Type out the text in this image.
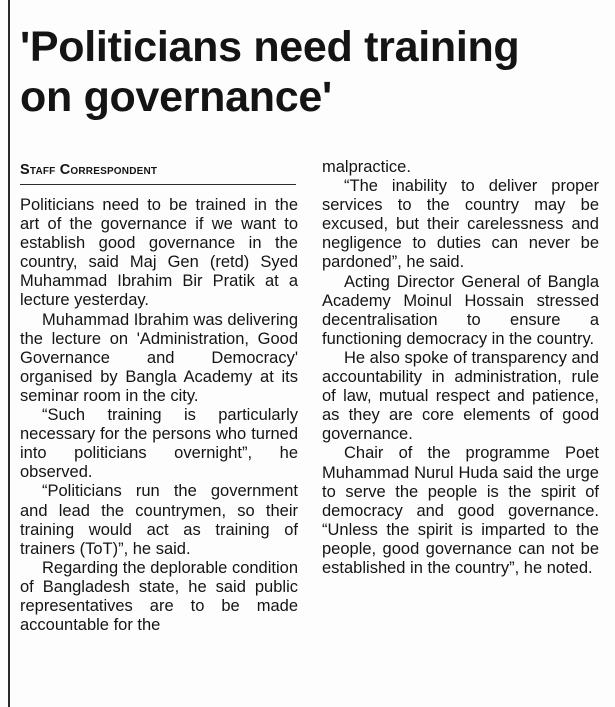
'Politicians need training
on governance'
Staff Correspondent

Politicians need to be trained in the art of the governance if we want to establish good governance in the country, said Maj Gen (retd) Syed Muhammad Ibrahim Bir Pratik at a lecture yesterday.

Muhammad Ibrahim was delivering the lecture on 'Administration, Good Governance and Democracy' organised by Bangla Academy at its seminar room in the city.

“Such training is particularly necessary for the persons who turned into politicians overnight”, he observed.

“Politicians run the government and lead the countrymen, so their training would act as training of trainers (ToT)”, he said.

Regarding the deplorable condition of Bangladesh state, he said public representatives are to be made accountable for the

malpractice.

“The inability to deliver proper services to the country may be excused, but their carelessness and negligence to duties can never be pardoned”, he said.

Acting Director General of Bangla Academy Moinul Hossain stressed decentralisation to ensure a functioning democracy in the country.

He also spoke of transparency and accountability in administration, rule of law, mutual respect and patience, as they are core elements of good governance.

Chair of the programme Poet Muhammad Nurul Huda said the urge to serve the people is the spirit of democracy and good governance. “Unless the spirit is imparted to the people, good governance can not be established in the country”, he noted.
